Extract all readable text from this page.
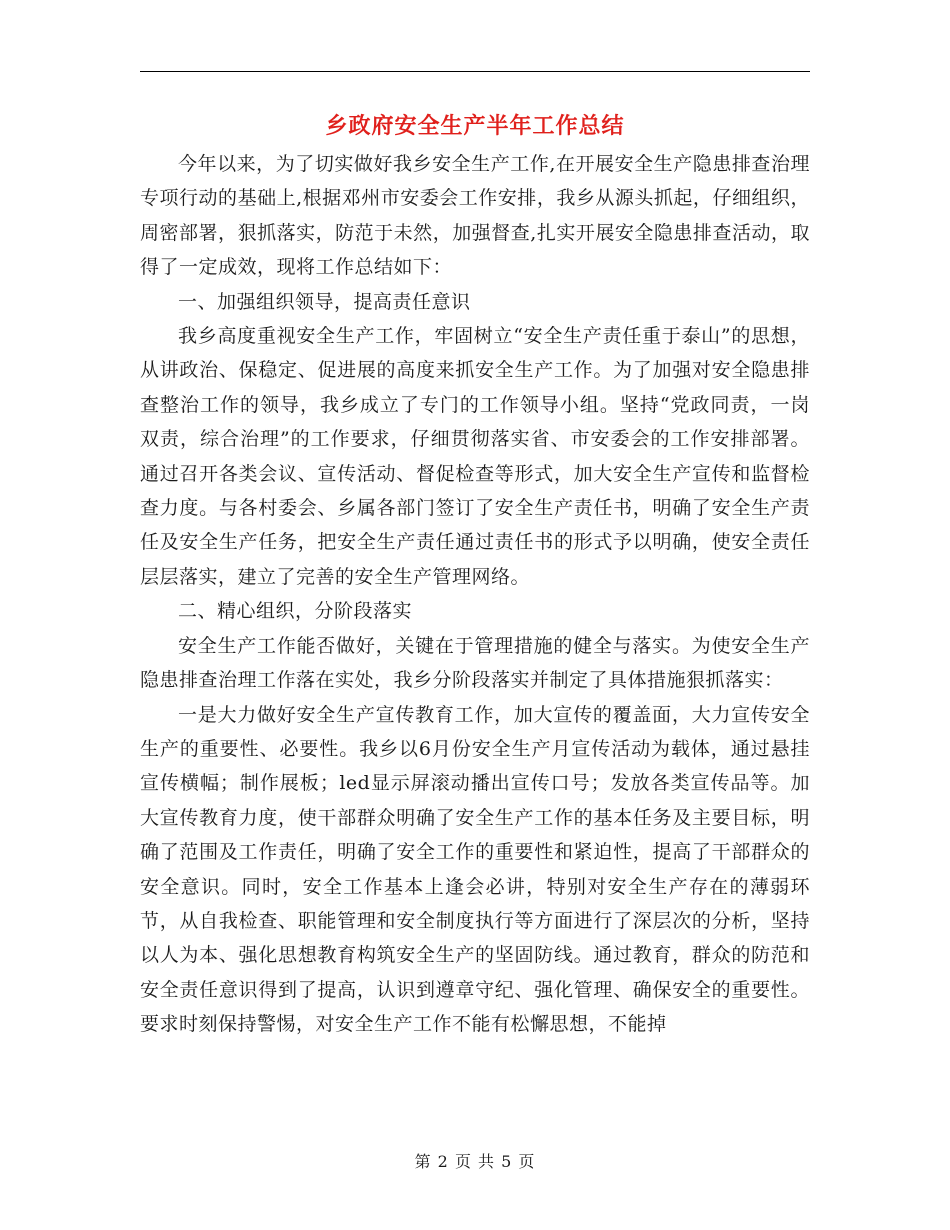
乡政府安全生产半年工作总结

今年以来，为了切实做好我乡安全生产工作,在开展安全生产隐患排查治理专项行动的基础上,根据邓州市安委会工作安排，我乡从源头抓起，仔细组织，周密部署，狠抓落实，防范于未然，加强督查,扎实开展安全隐患排查活动，取得了一定成效，现将工作总结如下：

一、加强组织领导，提高责任意识

我乡高度重视安全生产工作，牢固树立“安全生产责任重于泰山”的思想，从讲政治、保稳定、促进展的高度来抓安全生产工作。为了加强对安全隐患排查整治工作的领导，我乡成立了专门的工作领导小组。坚持“党政同责，一岗双责，综合治理”的工作要求，仔细贯彻落实省、市安委会的工作安排部署。通过召开各类会议、宣传活动、督促检查等形式，加大安全生产宣传和监督检查力度。与各村委会、乡属各部门签订了安全生产责任书，明确了安全生产责任及安全生产任务，把安全生产责任通过责任书的形式予以明确，使安全责任层层落实，建立了完善的安全生产管理网络。

二、精心组织，分阶段落实

安全生产工作能否做好，关键在于管理措施的健全与落实。为使安全生产隐患排查治理工作落在实处，我乡分阶段落实并制定了具体措施狠抓落实：

一是大力做好安全生产宣传教育工作，加大宣传的覆盖面，大力宣传安全生产的重要性、必要性。我乡以6月份安全生产月宣传活动为载体，通过悬挂宣传横幅；制作展板；led显示屏滚动播出宣传口号；发放各类宣传品等。加大宣传教育力度，使干部群众明确了安全生产工作的基本任务及主要目标，明确了范围及工作责任，明确了安全工作的重要性和紧迫性，提高了干部群众的安全意识。同时，安全工作基本上逢会必讲，特别对安全生产存在的薄弱环节，从自我检查、职能管理和安全制度执行等方面进行了深层次的分析，坚持以人为本、强化思想教育构筑安全生产的坚固防线。通过教育，群众的防范和安全责任意识得到了提高，认识到遵章守纪、强化管理、确保安全的重要性。要求时刻保持警惕，对安全生产工作不能有松懈思想，不能掉

第 2 页 共 5 页
